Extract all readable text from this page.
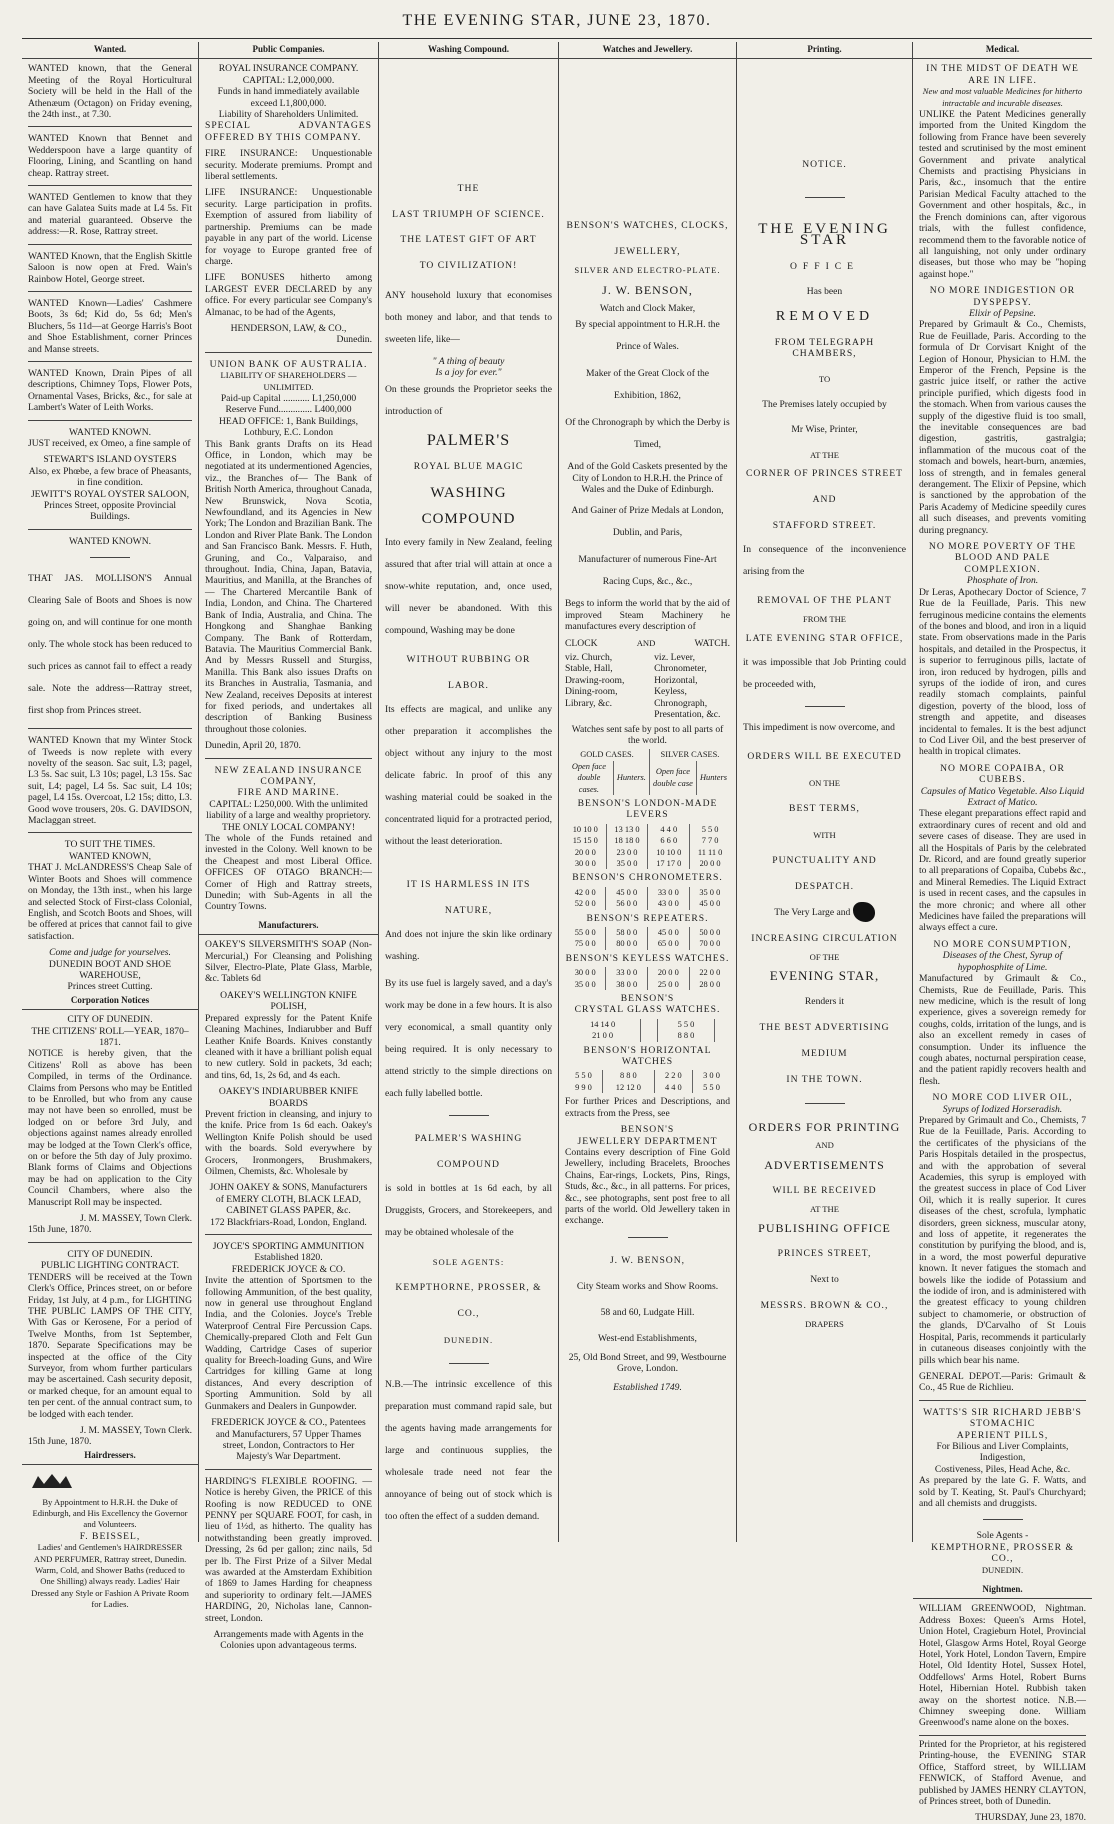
THE EVENING STAR, JUNE 23, 1870.
Wanted.
WANTED known, that the General Meeting of the Royal Horticultural Society will be held in the Hall of the Athenæum (Octagon) on Friday evening, the 24th inst., at 7.30.
WANTED Known that Bennet and Wedderspoon have a large quantity of Flooring, Lining, and Scantling on hand cheap. Rattray street.
WANTED Gentlemen to know that they can have Galatea Suits made at L4 5s. Fit and material guaranteed. Observe the address:—R. Rose, Rattray street.
WANTED Known, that the English Skittle Saloon is now open at Fred. Wain's Rainbow Hotel, George street.
WANTED Known—Ladies' Cashmere Boots, 3s 6d; Kid do, 5s 6d; Men's Bluchers, 5s 11d—at George Harris's Boot and Shoe Establishment, corner Princes and Manse streets.
WANTED Known, Drain Pipes of all descriptions, Chimney Tops, Flower Pots, Ornamental Vases, Bricks, &c., for sale at Lambert's Water of Leith Works.
WANTED KNOWN.
JUST received, ex Omeo, a fine sample of
STEWART'S ISLAND OYSTERS
Also, ex Phœbe, a few brace of Pheasants, in fine condition.
JEWITT'S ROYAL OYSTER SALOON, Princes Street, opposite Provincial Buildings.
WANTED KNOWN.
THAT JAS. MOLLISON'S Annual Clearing Sale of Boots and Shoes is now going on, and will continue for one month only. The whole stock has been reduced to such prices as cannot fail to effect a ready sale. Note the address—Rattray street, first shop from Princes street.
WANTED Known that my Winter Stock of Tweeds is now replete with every novelty of the season. Sac suit, L3; pagel, L3 5s. Sac suit, L3 10s; pagel, L3 15s. Sac suit, L4; pagel, L4 5s. Sac suit, L4 10s; pagel, L4 15s. Overcoat, L2 15s; ditto, L3. Good wove trousers, 20s. G. DAVIDSON, Maclaggan street.
TO SUIT THE TIMES.
WANTED KNOWN,
THAT J. McLANDRESS'S Cheap Sale of Winter Boots and Shoes will commence on Monday, the 13th inst., when his large and selected Stock of First-class Colonial, English, and Scotch Boots and Shoes, will be offered at prices that cannot fail to give satisfaction.
Come and judge for yourselves.
DUNEDIN BOOT AND SHOE WAREHOUSE,
Princes street Cutting.
Corporation Notices
CITY OF DUNEDIN.
THE CITIZENS' ROLL—YEAR, 1870–1871.
NOTICE is hereby given, that the Citizens' Roll as above has been Compiled, in terms of the Ordinance. Claims from Persons who may be Entitled to be Enrolled, but who from any cause may not have been so enrolled, must be lodged on or before 3rd July, and objections against names already enrolled may be lodged at the Town Clerk's office, on or before the 5th day of July proximo. Blank forms of Claims and Objections may be had on application to the City Council Chambers, where also the Manuscript Roll may be inspected.
J. M. MASSEY, Town Clerk.
15th June, 1870.
CITY OF DUNEDIN.
PUBLIC LIGHTING CONTRACT.
TENDERS will be received at the Town Clerk's Office, Princes street, on or before Friday, 1st July, at 4 p.m., for LIGHTING THE PUBLIC LAMPS OF THE CITY, With Gas or Kerosene, For a period of Twelve Months, from 1st September, 1870. Separate Specifications may be inspected at the office of the City Surveyor, from whom further particulars may be ascertained. Cash security deposit, or marked cheque, for an amount equal to ten per cent. of the annual contract sum, to be lodged with each tender.
J. M. MASSEY, Town Clerk.
15th June, 1870.
Hairdressers.
By Appointment to H.R.H. the Duke of Edinburgh, and His Excellency the Governor and Volunteers.
F. BEISSEL,
Ladies' and Gentlemen's HAIRDRESSER AND PERFUMER, Rattray street, Dunedin. Warm, Cold, and Shower Baths (reduced to One Shilling) always ready. Ladies' Hair Dressed any Style or Fashion A Private Room for Ladies.
Public Companies.
ROYAL INSURANCE COMPANY.
CAPITAL: L2,000,000.
Funds in hand immediately available exceed L1,800,000.
Liability of Shareholders Unlimited.
SPECIAL ADVANTAGES OFFERED BY THIS COMPANY.
FIRE INSURANCE: Unquestionable security. Moderate premiums. Prompt and liberal settlements.
LIFE INSURANCE: Unquestionable security. Large participation in profits. Exemption of assured from liability of partnership. Premiums can be made payable in any part of the world. License for voyage to Europe granted free of charge.
LIFE BONUSES hitherto among LARGEST EVER DECLARED by any office. For every particular see Company's Almanac, to be had of the Agents,
HENDERSON, LAW, & CO.,
Dunedin.
UNION BANK OF AUSTRALIA.
LIABILITY OF SHAREHOLDERS — UNLIMITED.
Paid-up Capital ........... L1,250,000
Reserve Fund.............. L400,000
HEAD OFFICE: 1, Bank Buildings, Lothbury, E.C. London
This Bank grants Drafts on its Head Office, in London, which may be negotiated at its undermentioned Agencies, viz., the Branches of— The Bank of British North America, throughout Canada, New Brunswick, Nova Scotia, Newfoundland, and its Agencies in New York; The London and Brazilian Bank. The London and River Plate Bank. The London and San Francisco Bank. Messrs. F. Huth, Gruning, and Co., Valparaiso, and throughout. India, China, Japan, Batavia, Mauritius, and Manilla, at the Branches of— The Chartered Mercantile Bank of India, London, and China. The Chartered Bank of India, Australia, and China. The Hongkong and Shanghae Banking Company. The Bank of Rotterdam, Batavia. The Mauritius Commercial Bank. And by Messrs Russell and Sturgiss, Manilla. This Bank also issues Drafts on its Branches in Australia, Tasmania, and New Zealand, receives Deposits at interest for fixed periods, and undertakes all description of Banking Business throughout those colonies.
Dunedin, April 20, 1870.
NEW ZEALAND INSURANCE COMPANY,
FIRE AND MARINE.
CAPITAL: L250,000. With the unlimited liability of a large and wealthy proprietory.
THE ONLY LOCAL COMPANY!
The whole of the Funds retained and invested in the Colony. Well known to be the Cheapest and most Liberal Office. OFFICES OF OTAGO BRANCH:—Corner of High and Rattray streets, Dunedin; with Sub-Agents in all the Country Towns.
Manufacturers.
OAKEY'S SILVERSMITH'S SOAP (Non-Mercurial,) For Cleansing and Polishing Silver, Electro-Plate, Plate Glass, Marble, &c. Tablets 6d
OAKEY'S WELLINGTON KNIFE POLISH,
Prepared expressly for the Patent Knife Cleaning Machines, Indiarubber and Buff Leather Knife Boards. Knives constantly cleaned with it have a brilliant polish equal to new cutlery. Sold in packets, 3d each; and tins, 6d, 1s, 2s 6d, and 4s each.
OAKEY'S INDIARUBBER KNIFE BOARDS
Prevent friction in cleansing, and injury to the knife. Price from 1s 6d each. Oakey's Wellington Knife Polish should be used with the boards. Sold everywhere by Grocers, Ironmongers, Brushmakers, Oilmen, Chemists, &c. Wholesale by
JOHN OAKEY & SONS, Manufacturers of EMERY CLOTH, BLACK LEAD, CABINET GLASS PAPER, &c.
172 Blackfriars-Road, London, England.
JOYCE'S SPORTING AMMUNITION Established 1820.
FREDERICK JOYCE & CO.
Invite the attention of Sportsmen to the following Ammunition, of the best quality, now in general use throughout England India, and the Colonies. Joyce's Treble Waterproof Central Fire Percussion Caps. Chemically-prepared Cloth and Felt Gun Wadding, Cartridge Cases of superior quality for Breech-loading Guns, and Wire Cartridges for killing Game at long distances, And every description of Sporting Ammunition. Sold by all Gunmakers and Dealers in Gunpowder.
FREDERICK JOYCE & CO., Patentees and Manufacturers, 57 Upper Thames street, London, Contractors to Her Majesty's War Department.
HARDING'S FLEXIBLE ROOFING. —Notice is hereby Given, the PRICE of this Roofing is now REDUCED to ONE PENNY per SQUARE FOOT, for cash, in lieu of 1½d, as hitherto. The quality has notwithstanding been greatly improved. Dressing, 2s 6d per gallon; zinc nails, 5d per lb. The First Prize of a Silver Medal was awarded at the Amsterdam Exhibition of 1869 to James Harding for cheapness and superiority to ordinary felt.—JAMES HARDING, 20, Nicholas lane, Cannon-street, London.
Arrangements made with Agents in the Colonies upon advantageous terms.
Washing Compound.
THE
LAST TRIUMPH OF SCIENCE.
THE LATEST GIFT OF ART
TO CIVILIZATION!
ANY household luxury that economises both money and labor, and that tends to sweeten life, like—
" A thing of beauty
Is a joy for ever."
On these grounds the Proprietor seeks the introduction of
PALMER'S
ROYAL BLUE MAGIC
WASHING COMPOUND
Into every family in New Zealand, feeling assured that after trial will attain at once a snow-white reputation, and, once used, will never be abandoned. With this compound, Washing may be done
WITHOUT RUBBING OR LABOR.
Its effects are magical, and unlike any other preparation it accomplishes the object without any injury to the most delicate fabric. In proof of this any washing material could be soaked in the concentrated liquid for a protracted period, without the least deterioration.
IT IS HARMLESS IN ITS NATURE,
And does not injure the skin like ordinary washing.
By its use fuel is largely saved, and a day's work may be done in a few hours. It is also very economical, a small quantity only being required. It is only necessary to attend strictly to the simple directions on each fully labelled bottle.
PALMER'S WASHING COMPOUND
is sold in bottles at 1s 6d each, by all Druggists, Grocers, and Storekeepers, and may be obtained wholesale of the
SOLE AGENTS:
KEMPTHORNE, PROSSER, & CO.,
DUNEDIN.
N.B.—The intrinsic excellence of this preparation must command rapid sale, but the agents having made arrangements for large and continuous supplies, the wholesale trade need not fear the annoyance of being out of stock which is too often the effect of a sudden demand.
Watches and Jewellery.
BENSON'S WATCHES, CLOCKS,
JEWELLERY,
SILVER AND ELECTRO-PLATE.
J. W. BENSON,
Watch and Clock Maker,
By special appointment to H.R.H. the Prince of Wales.
Maker of the Great Clock of the Exhibition, 1862,
Of the Chronograph by which the Derby is Timed,
And of the Gold Caskets presented by the City of London to H.R.H. the Prince of Wales and the Duke of Edinburgh.
And Gainer of Prize Medals at London, Dublin, and Paris,
Manufacturer of numerous Fine-Art Racing Cups, &c., &c.,
Begs to inform the world that by the aid of improved Steam Machinery he manufactures every description of
CLOCK	AND	WATCH.
viz. Church, Stable, Hall, Drawing-room, Dining-room, Library, &c.
viz. Lever, Chronometer, Horizontal, Keyless, Chronograph, Presentation, &c.
Watches sent safe by post to all parts of the world.
GOLD CASES.		SILVER CASES.	
Open face double cases.	Hunters.	Open face double case	Hunters
BENSON'S LONDON-MADE LEVERS
10 10 0	13 13 0	4 4 0	5 5 0
15 15 0	18 18 0	6 6 0	7 7 0
20 0 0	23 0 0	10 10 0	11 11 0
30 0 0	35 0 0	17 17 0	20 0 0
BENSON'S CHRONOMETERS.
42 0 0	45 0 0	33 0 0	35 0 0
52 0 0	56 0 0	43 0 0	45 0 0
BENSON'S REPEATERS.
55 0 0	58 0 0	45 0 0	50 0 0
75 0 0	80 0 0	65 0 0	70 0 0
BENSON'S KEYLESS WATCHES.
30 0 0	33 0 0	20 0 0	22 0 0
35 0 0	38 0 0	25 0 0	28 0 0
BENSON'S
CRYSTAL GLASS WATCHES.
14 14 0		5 5 0	
21 0 0		8 8 0	
BENSON'S HORIZONTAL WATCHES
5 5 0	8 8 0	2 2 0	3 0 0
9 9 0	12 12 0	4 4 0	5 5 0
For further Prices and Descriptions, and extracts from the Press, see
BENSON'S
JEWELLERY DEPARTMENT
Contains every description of Fine Gold Jewellery, including Bracelets, Brooches Chains, Ear-rings, Lockets, Pins, Rings, Studs, &c., &c., in all patterns. For prices, &c., see photographs, sent post free to all parts of the world. Old Jewellery taken in exchange.
J. W. BENSON,
City Steam works and Show Rooms.
58 and 60, Ludgate Hill.
West-end Establishments,
25, Old Bond Street, and 99, Westbourne Grove, London.
Established 1749.
Printing.
NOTICE.
THE EVENING STAR
OFFICE
Has been
REMOVED
FROM TELEGRAPH CHAMBERS,
TO
The Premises lately occupied by
Mr Wise, Printer,
AT THE
CORNER OF PRINCES STREET AND
STAFFORD STREET.
In consequence of the inconvenience arising from the
REMOVAL OF THE PLANT
FROM THE
LATE EVENING STAR OFFICE,
it was impossible that Job Printing could be proceeded with,
This impediment is now overcome, and
ORDERS WILL BE EXECUTED
ON THE
BEST TERMS,
WITH
PUNCTUALITY AND DESPATCH.
The Very Large and
INCREASING CIRCULATION
OF THE
EVENING STAR,
Renders it
THE BEST ADVERTISING MEDIUM
IN THE TOWN.
ORDERS FOR PRINTING
AND
ADVERTISEMENTS
WILL BE RECEIVED
AT THE
PUBLISHING OFFICE
PRINCES STREET,
Next to
MESSRS. BROWN & CO.,
DRAPERS
Medical.
IN THE MIDST OF DEATH WE ARE IN LIFE.
New and most valuable Medicines for hitherto intractable and incurable diseases.
UNLIKE the Patent Medicines generally imported from the United Kingdom the following from France have been severely tested and scrutinised by the most eminent Government and private analytical Chemists and practising Physicians in Paris, &c., insomuch that the entire Parisian Medical Faculty attached to the Government and other hospitals, &c., in the French dominions can, after vigorous trials, with the fullest confidence, recommend them to the favorable notice of all languishing, not only under ordinary diseases, but those who may be "hoping against hope."
NO MORE INDIGESTION OR DYSPEPSY.
Elixir of Pepsine.
Prepared by Grimault & Co., Chemists, Rue de Feuillade, Paris. According to the formula of Dr Corvisart Knight of the Legion of Honour, Physician to H.M. the Emperor of the French, Pepsine is the gastric juice itself, or rather the active principle purified, which digests food in the stomach. When from various causes the supply of the digestive fluid is too small, the inevitable consequences are bad digestion, gastritis, gastralgia; inflammation of the mucous coat of the stomach and bowels, heart-burn, anæmies, loss of strength, and in females general derangement. The Elixir of Pepsine, which is sanctioned by the approbation of the Paris Academy of Medicine speedily cures all such diseases, and prevents vomiting during pregnancy.
NO MORE POVERTY OF THE BLOOD AND PALE COMPLEXION.
Phosphate of Iron.
Dr Leras, Apothecary Doctor of Science, 7 Rue de la Feuillade, Paris. This new ferruginous medicine contains the elements of the bones and blood, and iron in a liquid state. From observations made in the Paris hospitals, and detailed in the Prospectus, it is superior to ferruginous pills, lactate of iron, iron reduced by hydrogen, pills and syrups of the iodide of iron, and cures readily stomach complaints, painful digestion, poverty of the blood, loss of strength and appetite, and diseases incidental to females. It is the best adjunct to Cod Liver Oil, and the best preserver of health in tropical climates.
NO MORE COPAIBA, OR CUBEBS.
Capsules of Matico Vegetable. Also Liquid Extract of Matico.
These elegant preparations effect rapid and extraordinary cures of recent and old and severe cases of disease. They are used in all the Hospitals of Paris by the celebrated Dr. Ricord, and are found greatly superior to all preparations of Copaiba, Cubebs &c., and Mineral Remedies. The Liquid Extract is used in recent cases, and the capsules in the more chronic; and where all other Medicines have failed the preparations will always effect a cure.
NO MORE CONSUMPTION,
Diseases of the Chest, Syrup of hypophosphite of Lime.
Manufactured by Grimault & Co., Chemists, Rue de Feuillade, Paris. This new medicine, which is the result of long experience, gives a sovereign remedy for coughs, colds, irritation of the lungs, and is also an excellent remedy in cases of consumption. Under its influence the cough abates, nocturnal perspiration cease, and the patient rapidly recovers health and flesh.
NO MORE COD LIVER OIL,
Syrups of Iodized Horseradish.
Prepared by Grimault and Co., Chemists, 7 Rue de la Feuillade, Paris. According to the certificates of the physicians of the Paris Hospitals detailed in the prospectus, and with the approbation of several Academies, this syrup is employed with the greatest success in place of Cod Liver Oil, which it is really superior. It cures diseases of the chest, scrofula, lymphatic disorders, green sickness, muscular atony, and loss of appetite, it regenerates the constitution by purifying the blood, and is, in a word, the most powerful depurative known. It never fatigues the stomach and bowels like the iodide of Potassium and the iodide of iron, and is administered with the greatest efficacy to young children subject to chamomerie, or obstruction of the glands, D'Carvalho of St Louis Hospital, Paris, recommends it particularly in cutaneous diseases conjointly with the pills which bear his name.
GENERAL DEPOT.—Paris: Grimault & Co., 45 Rue de Richlieu.
WATTS'S SIR RICHARD JEBB'S STOMACHIC
APERIENT PILLS,
For Bilious and Liver Complaints, Indigestion,
Costiveness, Piles, Head Ache, &c.
As prepared by the late G. F. Watts, and sold by T. Keating, St. Paul's Churchyard; and all chemists and druggists.
Sole Agents -
KEMPTHORNE, PROSSER & CO.,
DUNEDIN.
Nightmen.
WILLIAM GREENWOOD, Nightman. Address Boxes: Queen's Arms Hotel, Union Hotel, Cragieburn Hotel, Provincial Hotel, Glasgow Arms Hotel, Royal George Hotel, York Hotel, London Tavern, Empire Hotel, Old Identity Hotel, Sussex Hotel, Oddfellows' Arms Hotel, Robert Burns Hotel, Hibernian Hotel. Rubbish taken away on the shortest notice. N.B.—Chimney sweeping done. William Greenwood's name alone on the boxes.
Printed for the Proprietor, at his registered Printing-house, the EVENING STAR Office, Stafford street, by WILLIAM FENWICK, of Stafford Avenue, and published by JAMES HENRY CLAYTON, of Princes street, both of Dunedin.
THURSDAY, June 23, 1870.
